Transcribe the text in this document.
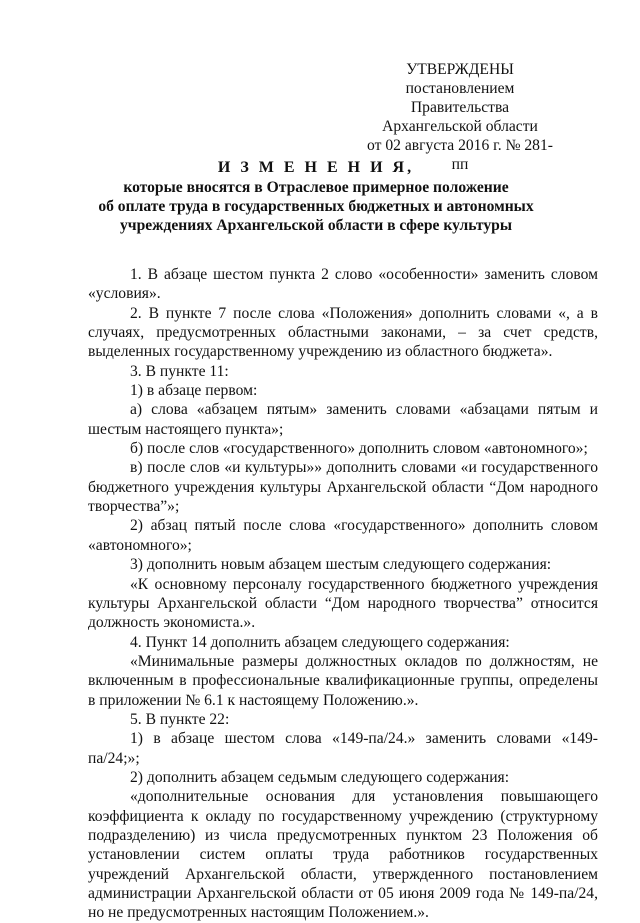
УТВЕРЖДЕНЫ
постановлением Правительства
Архангельской области
от 02 августа 2016 г. № 281-пп
И З М Е Н Е Н И Я,
которые вносятся в Отраслевое примерное положение
об оплате труда в государственных бюджетных и автономных
учреждениях Архангельской области в сфере культуры

1. В абзаце шестом пункта 2 слово «особенности» заменить словом «условия».

2. В пункте 7 после слова «Положения» дополнить словами «, а в случаях, предусмотренных областными законами, – за счет средств, выделенных государственному учреждению из областного бюджета».

3. В пункте 11:

1) в абзаце первом:

а) слова «абзацем пятым» заменить словами «абзацами пятым и шестым настоящего пункта»;

б) после слов «государственного» дополнить словом «автономного»;

в) после слов «и культуры»» дополнить словами «и государственного бюджетного учреждения культуры Архангельской области “Дом народного творчества”»;

2) абзац пятый после слова «государственного» дополнить словом «автономного»;

3) дополнить новым абзацем шестым следующего содержания:

«К основному персоналу государственного бюджетного учреждения культуры Архангельской области “Дом народного творчества” относится должность экономиста.».

4. Пункт 14 дополнить абзацем следующего содержания:

«Минимальные размеры должностных окладов по должностям, не включенным в профессиональные квалификационные группы, определены в приложении № 6.1 к настоящему Положению.».

5. В пункте 22:

1) в абзаце шестом слова «149-па/24.» заменить словами «149-па/24;»;

2) дополнить абзацем седьмым следующего содержания:

«дополнительные основания для установления повышающего коэффициента к окладу по государственному учреждению (структурному подразделению) из числа предусмотренных пунктом 23 Положения об установлении систем оплаты труда работников государственных учреждений Архангельской области, утвержденного постановлением администрации Архангельской области от 05 июня 2009 года № 149-па/24, но не предусмотренных настоящим Положением.».
